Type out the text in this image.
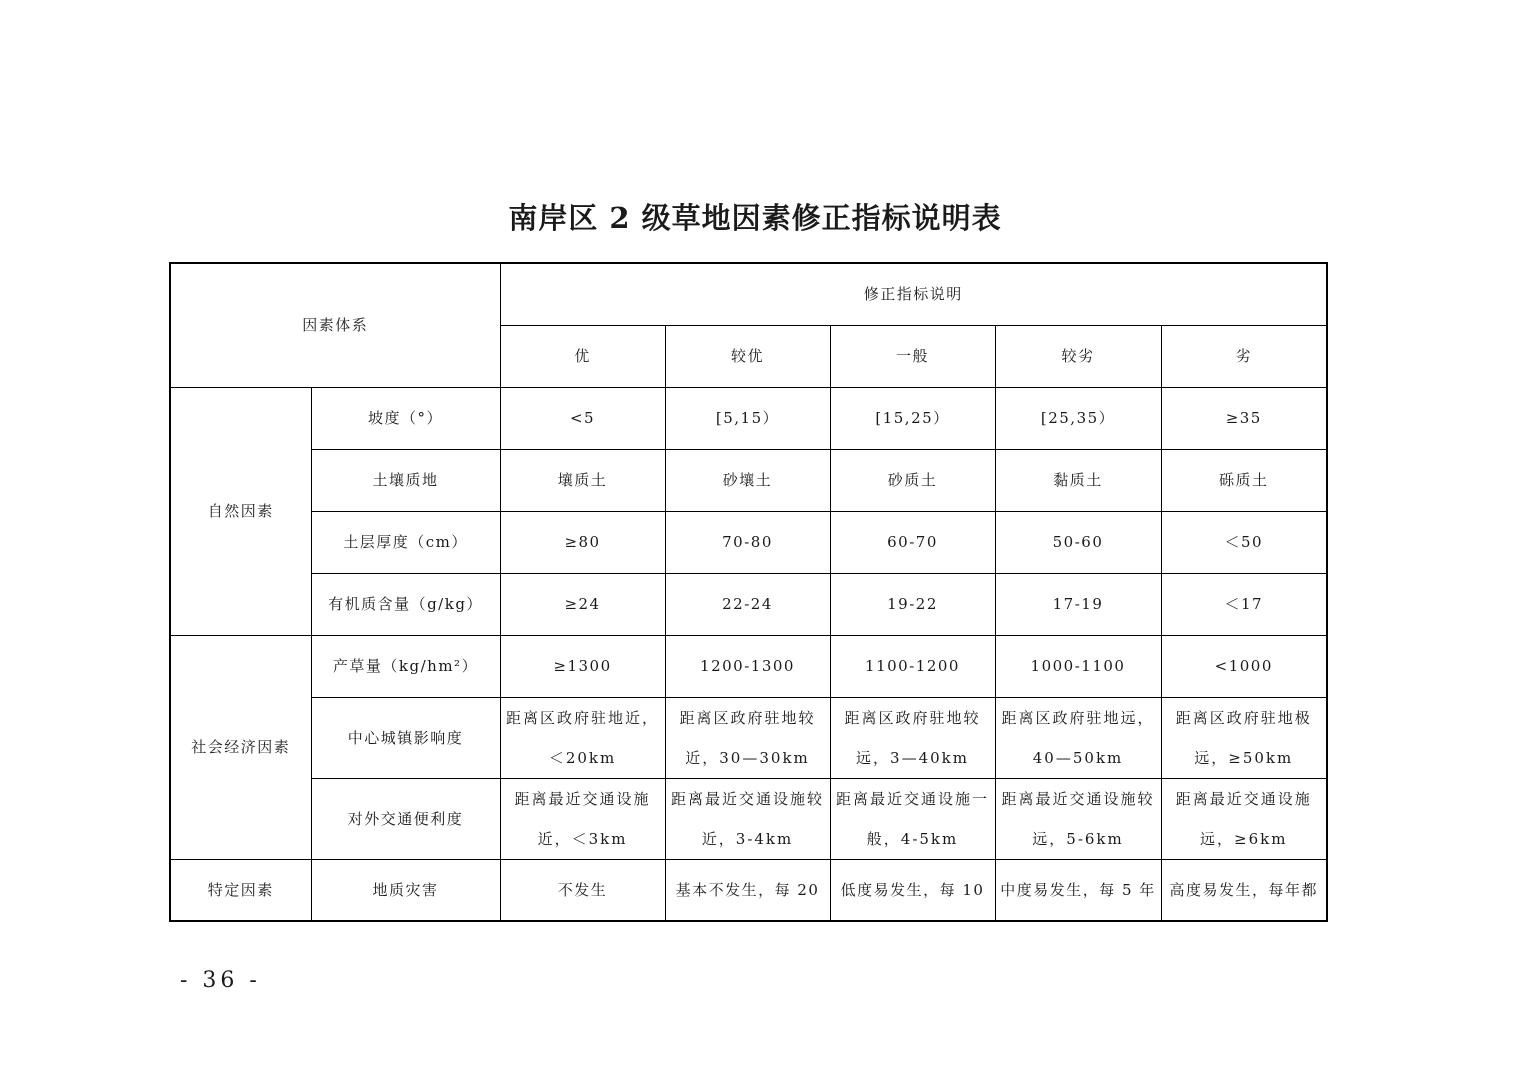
南岸区 2 级草地因素修正指标说明表
因素体系		修正指标说明				
		优	较优	一般	较劣	劣
自然因素	坡度（°）	<5	[5,15）	[15,25）	[25,35）	≥35
	土壤质地	壤质土	砂壤土	砂质土	黏质土	砾质土
	土层厚度（cm）	≥80	70-80	60-70	50-60	＜50
	有机质含量（g/kg）	≥24	22-24	19-22	17-19	＜17
社会经济因素	产草量（kg/hm²）	≥1300	1200-1300	1100-1200	1000-1100	<1000
	中心城镇影响度	距离区政府驻地近，＜20km	距离区政府驻地较近，30—30km	距离区政府驻地较远，3—40km	距离区政府驻地远，40—50km	距离区政府驻地极远，≥50km
	对外交通便利度	距离最近交通设施近，＜3km	距离最近交通设施较近，3-4km	距离最近交通设施一般，4-5km	距离最近交通设施较远，5-6km	距离最近交通设施远，≥6km
特定因素	地质灾害	不发生	基本不发生，每 20	低度易发生，每 10	中度易发生，每 5 年	高度易发生，每年都
- 36 -
